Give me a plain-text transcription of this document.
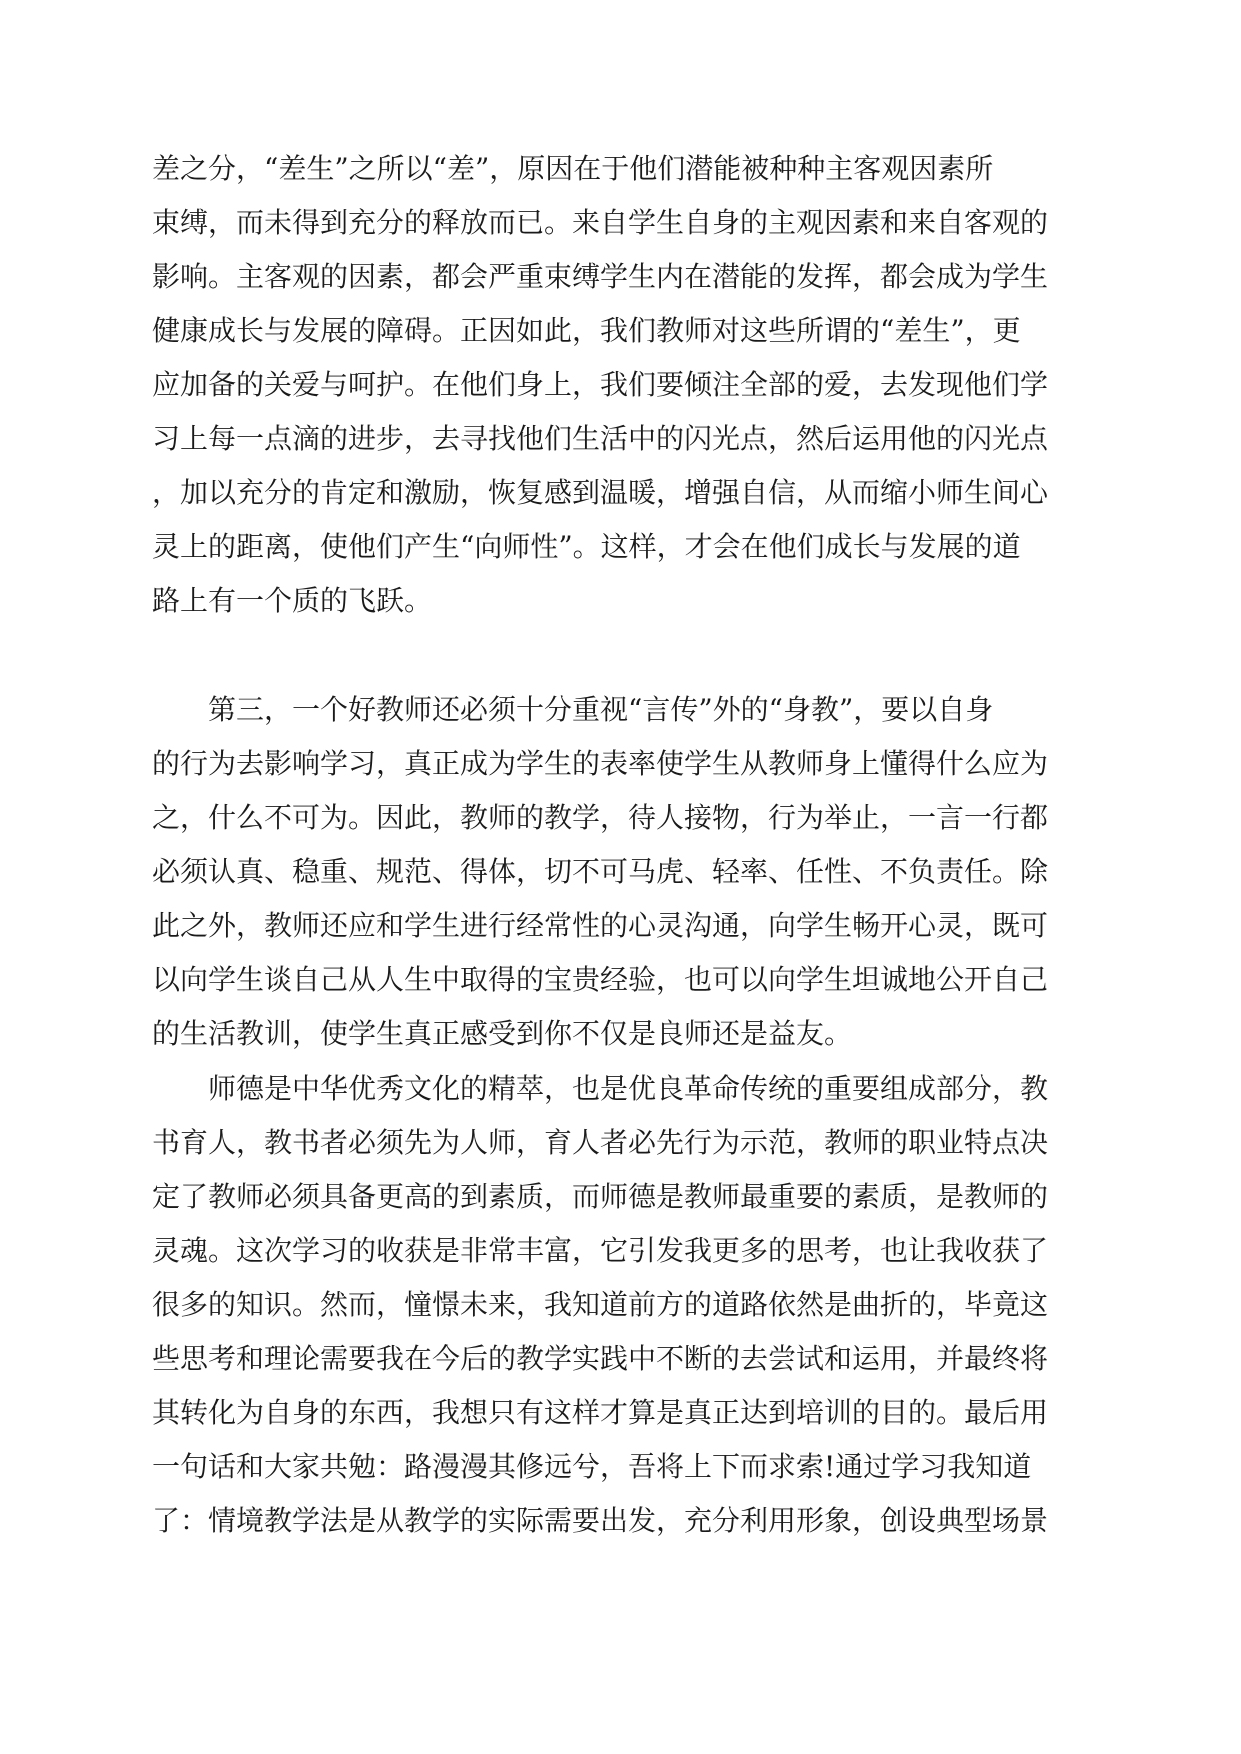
差之分，“差生”之所以“差”，原因在于他们潜能被种种主客观因素所
束缚，而未得到充分的释放而已。来自学生自身的主观因素和来自客观的
影响。主客观的因素，都会严重束缚学生内在潜能的发挥，都会成为学生
健康成长与发展的障碍。正因如此，我们教师对这些所谓的“差生”，更
应加备的关爱与呵护。在他们身上，我们要倾注全部的爱，去发现他们学
习上每一点滴的进步，去寻找他们生活中的闪光点，然后运用他的闪光点
，加以充分的肯定和激励，恢复感到温暖，增强自信，从而缩小师生间心
灵上的距离，使他们产生“向师性”。这样，才会在他们成长与发展的道
路上有一个质的飞跃。
　　第三，一个好教师还必须十分重视“言传”外的“身教”，要以自身
的行为去影响学习，真正成为学生的表率使学生从教师身上懂得什么应为
之，什么不可为。因此，教师的教学，待人接物，行为举止，一言一行都
必须认真、稳重、规范、得体，切不可马虎、轻率、任性、不负责任。除
此之外，教师还应和学生进行经常性的心灵沟通，向学生畅开心灵，既可
以向学生谈自己从人生中取得的宝贵经验，也可以向学生坦诚地公开自己
的生活教训，使学生真正感受到你不仅是良师还是益友。
　　师德是中华优秀文化的精萃，也是优良革命传统的重要组成部分，教
书育人，教书者必须先为人师，育人者必先行为示范，教师的职业特点决
定了教师必须具备更高的到素质，而师德是教师最重要的素质，是教师的
灵魂。这次学习的收获是非常丰富，它引发我更多的思考，也让我收获了
很多的知识。然而，憧憬未来，我知道前方的道路依然是曲折的，毕竟这
些思考和理论需要我在今后的教学实践中不断的去尝试和运用，并最终将
其转化为自身的东西，我想只有这样才算是真正达到培训的目的。最后用
一句话和大家共勉：路漫漫其修远兮，吾将上下而求索!通过学习我知道
了：情境教学法是从教学的实际需要出发，充分利用形象，创设典型场景
